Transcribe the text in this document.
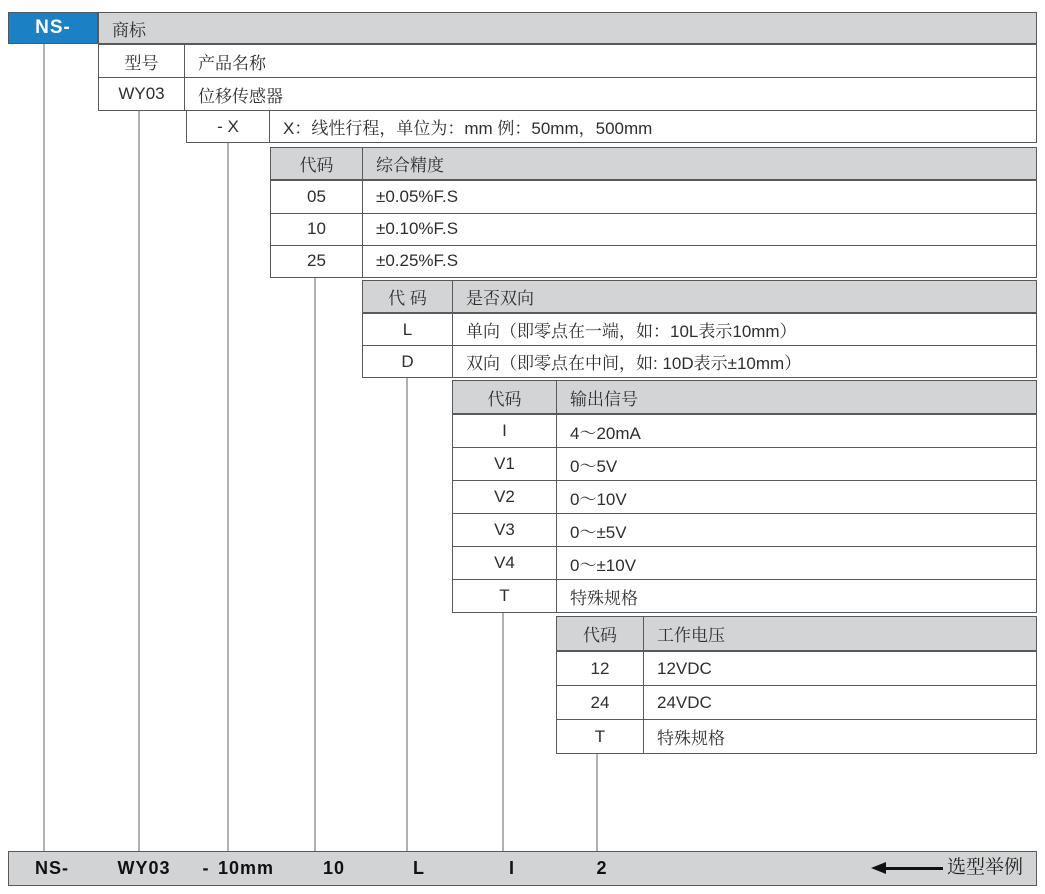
NS-	商标
型号	产品名称
WY03	位移传感器
- X	X：线性行程，单位为：mm 例：50mm，500mm
代码	综合精度
05	±0.05%F.S
10	±0.10%F.S
25	±0.25%F.S
代 码	是否双向
L	单向（即零点在一端，如：10L表示10mm）
D	双向（即零点在中间，如: 10D表示±10mm）
代码	输出信号
I	4～20mA
V1	0～5V
V2	0～10V
V3	0～±5V
V4	0～±10V
T	特殊规格
代码	工作电压
12	12VDC
24	24VDC
T	特殊规格
NS-	WY03 - 10mm	10	L	I	2	选型举例
